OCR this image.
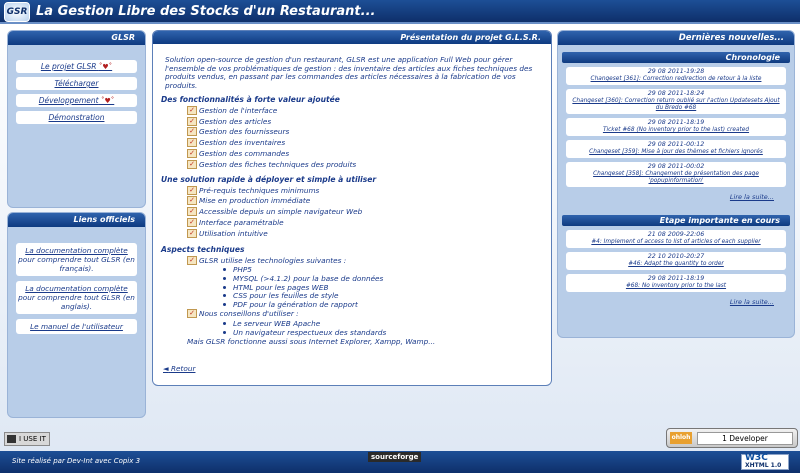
GSR La Gestion Libre des Stocks d'un Restaurant...
GLSR
Le projet GLSR ˚♥˚
Télécharger
Développement ˚♥˚
Démonstration
Liens officiels
La documentation complète pour comprendre tout GLSR (en français).
La documentation complète pour comprendre tout GLSR (en anglais).
Le manuel de l'utilisateur
Présentation du projet G.L.S.R.
Solution open-source de gestion d'un restaurant, GLSR est une application Full Web pour gérer l'ensemble de vos problématiques de gestion : des inventaire des articles aux fiches techniques des produits vendus, en passant par les commandes des articles nécessaires à la fabrication de vos produits.
Des fonctionnalités à forte valeur ajoutée
✓ Gestion de l'interface
✓ Gestion des articles
✓ Gestion des fournisseurs
✓ Gestion des inventaires
✓ Gestion des commandes
✓ Gestion des fiches techniques des produits
Une solution rapide à déployer et simple à utiliser
✓ Pré-requis techniques minimums
✓ Mise en production immédiate
✓ Accessible depuis un simple navigateur Web
✓ Interface paramétrable
✓ Utilisation intuitive
Aspects techniques
✓ GLSR utilise les technologies suivantes :
PHP5
MYSQL (>4.1.2) pour la base de données
HTML pour les pages WEB
CSS pour les feuilles de style
PDF pour la génération de rapport
✓ Nous conseillons d'utiliser :
Le serveur WEB Apache
Un navigateur respectueux des standards
Mais GLSR fonctionne aussi sous Internet Explorer, Xampp, Wamp...
◄ Retour
Dernières nouvelles...
Chronologie
29 08 2011-19:28
Changeset [361]: Correction redirection de retour à la liste
29 08 2011-18:24
Changeset [360]: Correction return oublié sur l'action Updatesets Ajout du Bredo #68
29 08 2011-18:19
Ticket #68 (No inventory prior to the last) created
29 08 2011-00:12
Changeset [359]: Mise à jour des thèmes et fichiers ignorés
29 08 2011-00:02
Changeset [358]: Changement de présentation des page 'popupinformation'
Lire la suite...
Etape importante en cours
21 08 2009-22:06
#4: Implement of access to list of articles of each supplier
22 10 2010-20:27
#46: Adapt the quantity to order
29 08 2011-18:19
#68: No inventory prior to the last
Lire la suite...
I USE IT	ohloh	1 Developer
Site réalisé par Dev-Int avec Copix 3	sourceforge	W3C XHTML 1.0
